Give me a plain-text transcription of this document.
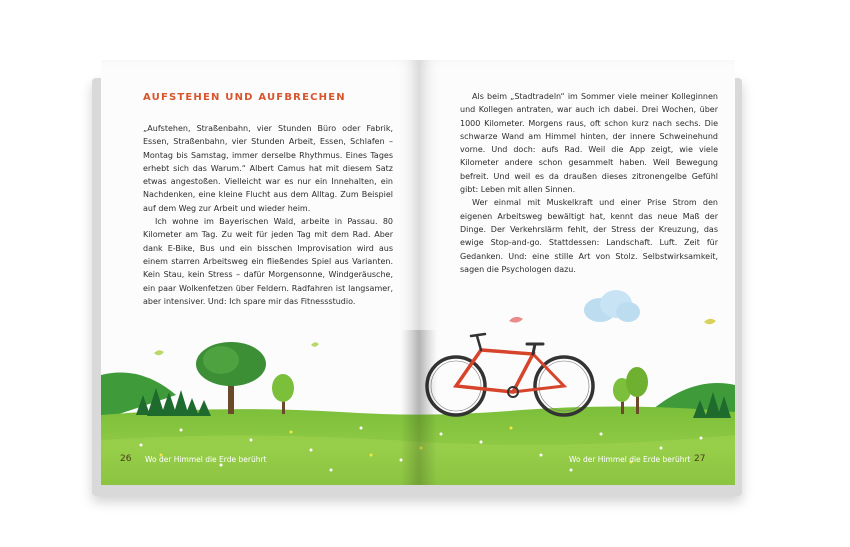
AUFSTEHEN UND AUFBRECHEN

„Aufstehen, Straßenbahn, vier Stunden Büro oder Fabrik, Essen, Straßenbahn, vier Stunden Arbeit, Essen, Schlafen – Montag bis Samstag, immer derselbe Rhythmus. Eines Tages erhebt sich das Warum.“ Albert Camus hat mit diesem Satz etwas angestoßen. Vielleicht war es nur ein Innehalten, ein Nachdenken, eine kleine Flucht aus dem Alltag. Zum Beispiel auf dem Weg zur Arbeit und wieder heim.

Ich wohne im Bayerischen Wald, arbeite in Passau. 80 Kilometer am Tag. Zu weit für jeden Tag mit dem Rad. Aber dank E-Bike, Bus und ein bisschen Improvisation wird aus einem starren Arbeitsweg ein fließendes Spiel aus Varianten. Kein Stau, kein Stress – dafür Morgensonne, Windgeräusche, ein paar Wolkenfetzen über Feldern. Radfahren ist langsamer, aber intensiver. Und: Ich spare mir das Fitnessstudio.

Als beim „Stadtradeln“ im Sommer viele meiner Kolleginnen und Kollegen antraten, war auch ich dabei. Drei Wochen, über 1000 Kilometer. Morgens raus, oft schon kurz nach sechs. Die schwarze Wand am Himmel hinten, der innere Schweinehund vorne. Und doch: aufs Rad. Weil die App zeigt, wie viele Kilometer andere schon gesammelt haben. Weil Bewegung befreit. Und weil es da draußen dieses zitronengelbe Gefühl gibt: Leben mit allen Sinnen.

Wer einmal mit Muskelkraft und einer Prise Strom den eigenen Arbeitsweg bewältigt hat, kennt das neue Maß der Dinge. Der Verkehrslärm fehlt, der Stress der Kreuzung, das ewige Stop-and-go. Stattdessen: Landschaft. Luft. Zeit für Gedanken. Und: eine stille Art von Stolz. Selbstwirksamkeit, sagen die Psychologen dazu.

26 Wo der Himmel die Erde berührt	Wo der Himmel die Erde berührt 27
